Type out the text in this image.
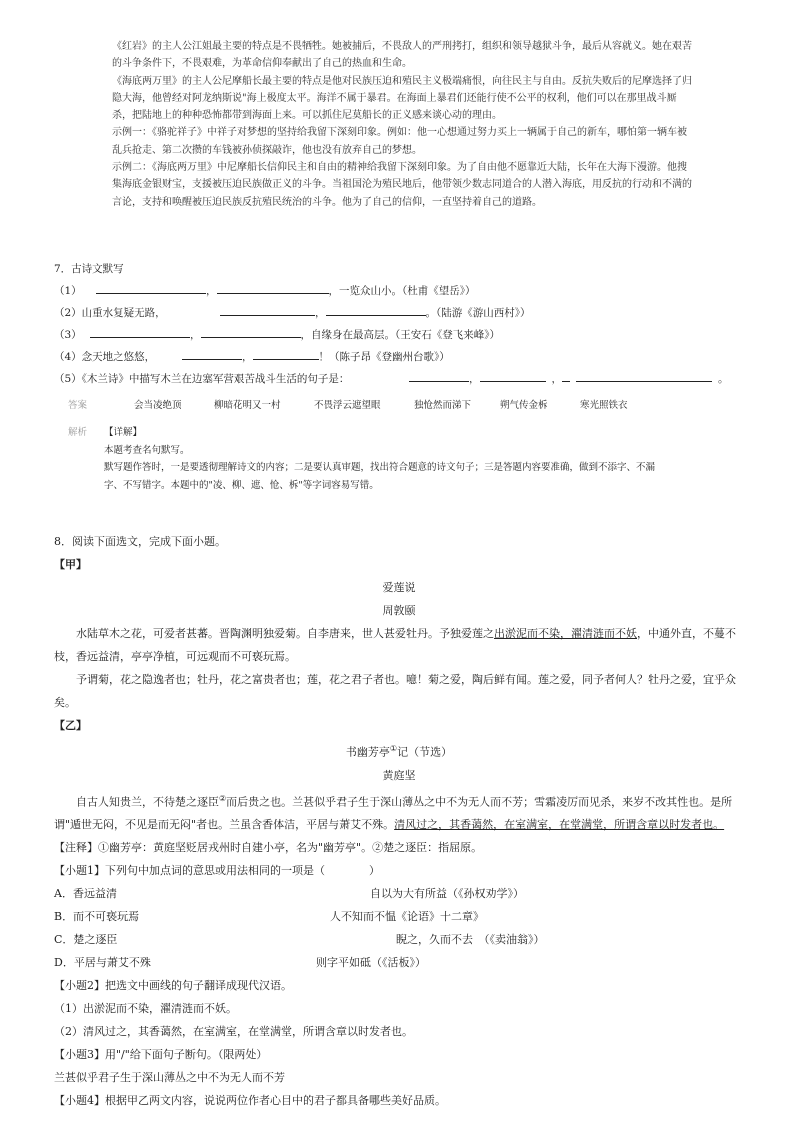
《红岩》的主人公江姐最主要的特点是不畏牺牲。她被捕后，不畏敌人的严刑拷打，组织和领导越狱斗争，最后从容就义。她在艰苦

的斗争条件下，不畏艰难，为革命信仰奉献出了自己的热血和生命。

《海底两万里》的主人公尼摩船长最主要的特点是他对民族压迫和殖民主义极端痛恨，向往民主与自由。反抗失败后的尼摩选择了归

隐大海，他曾经对阿龙纳斯说"海上极度太平。海洋不属于暴君。在海面上暴君们还能行使不公平的权利，他们可以在那里战斗厮

杀，把陆地上的种种恐怖都带到海面上来。可以抓住尼莫船长的正义感来谈心动的理由。

示例一：《骆驼祥子》中祥子对梦想的坚持给我留下深刻印象。例如：他一心想通过努力买上一辆属于自己的新车，哪怕第一辆车被

乱兵抢走、第二次攒的车钱被孙侦探敲诈，他也没有放弃自己的梦想。

示例二：《海底两万里》中尼摩船长信仰民主和自由的精神给我留下深刻印象。为了自由他不愿靠近大陆，长年在大海下漫游。他搜

集海底金银财宝，支援被压迫民族做正义的斗争。当祖国沦为殖民地后，他带领少数志同道合的人潜入海底，用反抗的行动和不满的

言论，支持和唤醒被压迫民族反抗殖民统治的斗争。他为了自己的信仰，一直坚持着自己的道路。

7．古诗文默写
（1）	，	，一览众山小。（杜甫《望岳》）
（2）山重水复疑无路，	，	。（陆游《游山西村》）
（3）	，	，自缘身在最高层。（王安石《登飞来峰》）
（4）念天地之悠悠，	，	！（陈子昂《登幽州台歌》）
（5）《木兰诗》中描写木兰在边塞军营艰苦战斗生活的句子是：	，	，	。
答案	会当凌绝顶	柳暗花明又一村	不畏浮云遮望眼	独怆然而涕下	朔气传金柝	寒光照铁衣
解析 【详解】

本题考查名句默写。

默写题作答时，一是要透彻理解诗文的内容；二是要认真审题，找出符合题意的诗文句子；三是答题内容要准确，做到不添字、不漏

字、不写错字。本题中的"凌、柳、遮、怆、柝"等字词容易写错。

8．阅读下面选文，完成下面小题。

【甲】

爱莲说

周敦颐

水陆草木之花，可爱者甚蕃。晋陶渊明独爱菊。自李唐来，世人甚爱牡丹。予独爱莲之出淤泥而不染，濯清涟而不妖，中通外直，不蔓不枝，香远益清，亭亭净植，可远观而不可亵玩焉。

予谓菊，花之隐逸者也；牡丹，花之富贵者也；莲，花之君子者也。噫！菊之爱，陶后鲜有闻。莲之爱，同予者何人？牡丹之爱，宜乎众矣。

【乙】

书幽芳亭①记（节选）

黄庭坚

自古人知贵兰，不待楚之逐臣②而后贵之也。兰甚似乎君子生于深山薄丛之中不为无人而不芳；雪霜凌厉而见杀，来岁不改其性也。是所谓"遁世无闷，不见是而无闷"者也。兰虽含香体洁，平居与萧艾不殊。清风过之，其香蔼然，在室满室，在堂满堂，所谓含章以时发者也。

【注释】①幽芳亭：黄庭坚贬居戎州时自建小亭，名为"幽芳亭"。②楚之逐臣：指屈原。

【小题1】下列句中加点词的意思或用法相同的一项是（　　　　）

A．香远益清	自以为大有所益（《孙权劝学》）
B．而不可亵玩焉	人不知而不愠《论语》十二章》
C．楚之逐臣	睨之，久而不去　（《卖油翁》）
D．平居与萧艾不殊	则字平如砥（《活板》）

【小题2】把选文中画线的句子翻译成现代汉语。

（1）出淤泥而不染，濯清涟而不妖。

（2）清风过之，其香蔼然，在室满室，在堂满堂，所谓含章以时发者也。

【小题3】用"/"给下面句子断句。（限两处）

兰甚似乎君子生于深山薄丛之中不为无人而不芳

【小题4】根据甲乙两文内容，说说两位作者心目中的君子都具备哪些美好品质。
